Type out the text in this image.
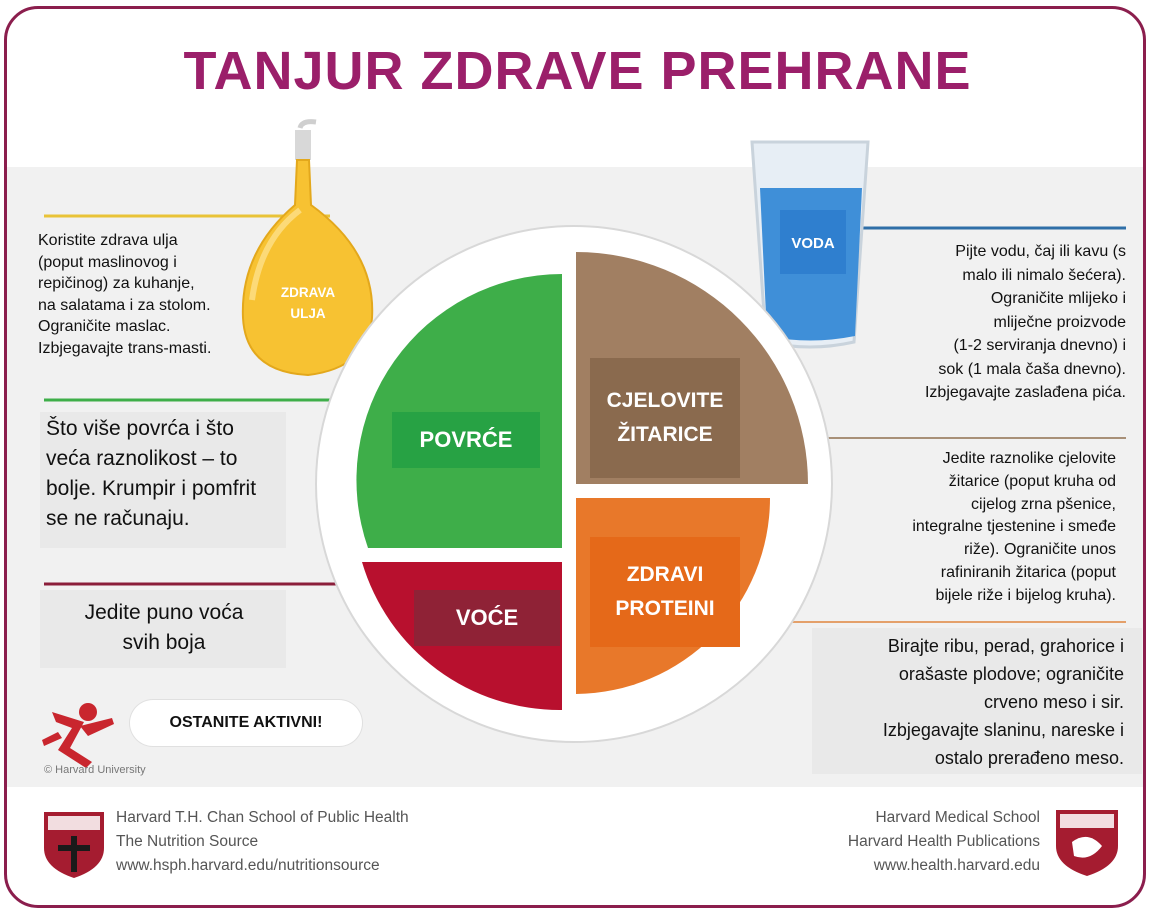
TANJUR ZDRAVE PREHRANE
POVRĆE
CJELOVITE
ŽITARICE
ZDRAVI
PROTEINI
VOĆE
ZDRAVA
ULJA
VODA
Koristite zdrava ulja
(poput maslinovog i
repičinog) za kuhanje,
na salatama i za stolom.
Ograničite maslac.
Izbjegavajte trans-masti.
Pijte vodu, čaj ili kavu (s
malo ili nimalo šećera).
Ograničite mlijeko i
mliječne proizvode
(1-2 serviranja dnevno) i
sok (1 mala čaša dnevno).
Izbjegavajte zaslađena pića.
Što više povrća i što
veća raznolikost – to
bolje. Krumpir i pomfrit
se ne računaju.
Jedite puno voća
svih boja
Jedite raznolike cjelovite
žitarice (poput kruha od
cijelog zrna pšenice,
integralne tjestenine i smeđe
riže). Ograničite unos
rafiniranih žitarica (poput
bijele riže i bijelog kruha).
Birajte ribu, perad, grahorice i
orašaste plodove; ograničite
crveno meso i sir.
Izbjegavajte slaninu, nareske i
ostalo prerađeno meso.
OSTANITE AKTIVNI!
© Harvard University
Harvard T.H. Chan School of Public Health
The Nutrition Source
www.hsph.harvard.edu/nutritionsource
Harvard Medical School
Harvard Health Publications
www.health.harvard.edu
